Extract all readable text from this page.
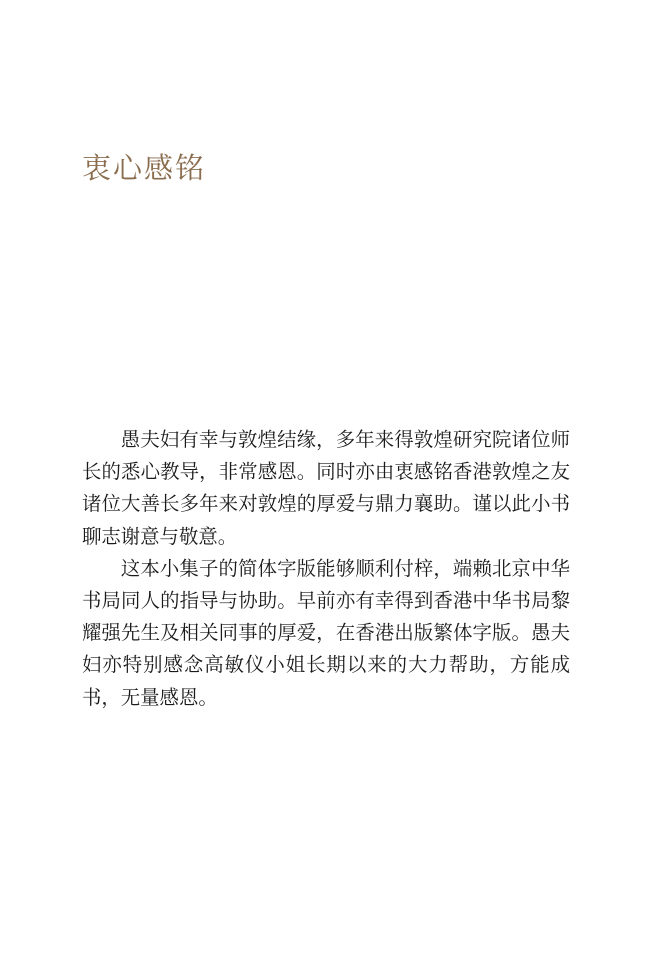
衷心感铭

愚夫妇有幸与敦煌结缘，多年来得敦煌研究院诸位师长的悉心教导，非常感恩。同时亦由衷感铭香港敦煌之友诸位大善长多年来对敦煌的厚爱与鼎力襄助。谨以此小书聊志谢意与敬意。

这本小集子的简体字版能够顺利付梓，端赖北京中华书局同人的指导与协助。早前亦有幸得到香港中华书局黎耀强先生及相关同事的厚爱，在香港出版繁体字版。愚夫妇亦特别感念高敏仪小姐长期以来的大力帮助，方能成书，无量感恩。
